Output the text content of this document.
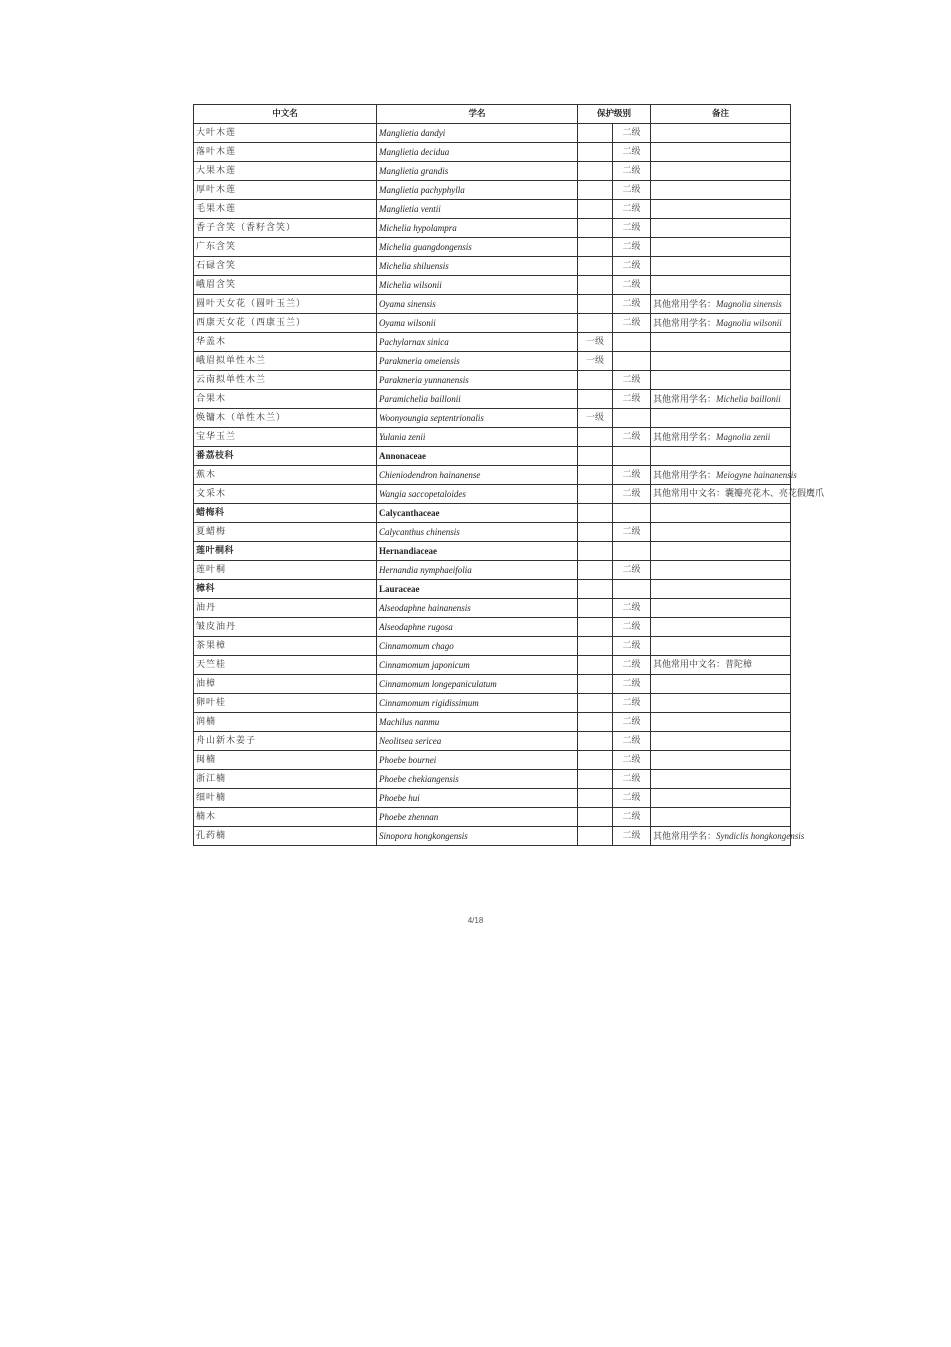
中文名	学名	保护级别		备注
大叶木莲	Manglietia dandyi		二级	
落叶木莲	Manglietia decidua		二级	
大果木莲	Manglietia grandis		二级	
厚叶木莲	Manglietia pachyphylla		二级	
毛果木莲	Manglietia ventii		二级	
香子含笑（香籽含笑）	Michelia hypolampra		二级	
广东含笑	Michelia guangdongensis		二级	
石碌含笑	Michelia shiluensis		二级	
峨眉含笑	Michelia wilsonii		二级	
圆叶天女花（圆叶玉兰）	Oyama sinensis		二级	其他常用学名：Magnolia sinensis
西康天女花（西康玉兰）	Oyama wilsonii		二级	其他常用学名：Magnolia wilsonii
华盖木	Pachylarnax sinica	一级		
峨眉拟单性木兰	Parakmeria omeiensis	一级		
云南拟单性木兰	Parakmeria yunnanensis		二级	
合果木	Paramichelia baillonii		二级	其他常用学名：Michelia baillonii
焕镛木（单性木兰）	Woonyoungia septentrionalis	一级		
宝华玉兰	Yulania zenii		二级	其他常用学名：Magnolia zenii
番荔枝科	Annonaceae			
蕉木	Chieniodendron hainanense		二级	其他常用学名：Meiogyne hainanensis
文采木	Wangia saccopetaloides		二级	其他常用中文名：囊瓣亮花木、亮花假鹰爪
蜡梅科	Calycanthaceae			
夏蜡梅	Calycanthus chinensis		二级	
莲叶桐科	Hernandiaceae			
莲叶桐	Hernandia nymphaeifolia		二级	
樟科	Lauraceae			
油丹	Alseodaphne hainanensis		二级	
皱皮油丹	Alseodaphne rugosa		二级	
茶果樟	Cinnamomum chago		二级	
天竺桂	Cinnamomum japonicum		二级	其他常用中文名：普陀樟
油樟	Cinnamomum longepaniculatum		二级	
卵叶桂	Cinnamomum rigidissimum		二级	
润楠	Machilus nanmu		二级	
舟山新木姜子	Neolitsea sericea		二级	
闽楠	Phoebe bournei		二级	
浙江楠	Phoebe chekiangensis		二级	
细叶楠	Phoebe hui		二级	
楠木	Phoebe zhennan		二级	
孔药楠	Sinopora hongkongensis		二级	其他常用学名：Syndiclis hongkongensis
4/18
